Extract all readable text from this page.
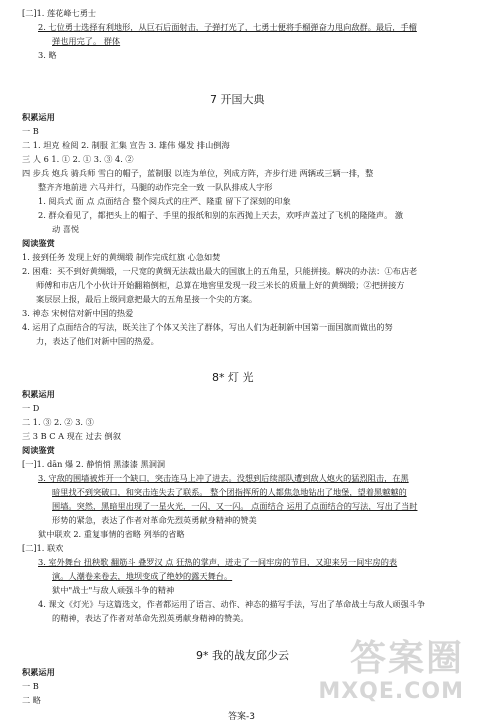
[二]1. 莲花峰七勇士
2. 七位勇士选择有利地形，从巨石后面射击，子弹打光了，七勇士便将手榴弹奋力甩向敌群。最后，手榴
弹也用完了。 群体
3. 略
7 开国大典
积累运用
一 B
二 1. 坦克 检阅 2. 制服 汇集 宣告 3. 雄伟 爆发 排山倒海
三 人 6 1. ① 2. ① 3. ③ 4. ②
四 步兵 炮兵 骑兵师 雪白的帽子，蓝制服 以连为单位，列成方阵，齐步行进 两辆或三辆一排，整
整齐齐地前进 六马并行，马腿的动作完全一致 一队队排成人字形
1. 阅兵式 面 点 点面结合 整个阅兵式的庄严、隆重 留下了深刻的印象
2. 群众看见了，都把头上的帽子、手里的报纸和别的东西抛上天去，欢呼声盖过了飞机的隆隆声。 激
动 喜悦
阅读鉴赏
1. 接到任务 发现上好的黄绸缎 制作完成红旗 心急如焚
2. 困难：买不到好黄绸缎，一尺宽的黄绸无法裁出最大的国旗上的五角星，只能拼接。解决的办法：①布店老
师傅和市店几个小伙计开始翻箱倒柜，总算在地窖里发现一段三米长的质量上好的黄绸缎；②把拼接方
案层层上报，最后上级同意把最大的五角星接一个尖的方案。
3. 神态 宋树信对新中国的热爱
4. 运用了点面结合的写法，既关注了个体又关注了群体，写出人们为赶制新中国第一面国旗而做出的努
力，表达了他们对新中国的热爱。
8* 灯 光
积累运用
一 D
二 1. ③ 2. ② 3. ③
三 3 B C A 现在 过去 倒叙
阅读鉴赏
[一]1. dān 爆 2. 静悄悄 黑漆漆 黑洞洞
3. 守敌的围墙被炸开一个缺口，突击连马上冲了进去。没想到后续部队遭到敌人炮火的猛烈阻击，在黑
暗里找不到突破口，和突击连失去了联系。 整个团指挥所的人都焦急地钻出了地堡，望着黑魆魆的
围墙。突然，黑暗里出现了一星火光，一闪，又一闪。 点面结合 运用了点面结合的写法，写出了当时
形势的紧急，表达了作者对革命先烈英勇献身精神的赞美
狱中联欢 2. 重复事情的省略 列举的省略
[二]1. 联欢
3. 室外舞台 扭秧歌 翻筋斗 叠罗汉 点 狂热的掌声，迸走了一间牢房的节目，又迎来另一间牢房的表
演。人潮卷来卷去，地坝变成了绝妙的露天舞台。
狱中"战士"与敌人顽强斗争的精神
4. 课文《灯光》与这篇选文，作者都运用了语言、动作、神态的描写手法，写出了革命战士与敌人顽强斗争
的精神，表达了作者对革命先烈英勇献身精神的赞美。
9* 我的战友邱少云
积累运用
一 B
二 略
答案-3
答案圈
MXQE.COM
